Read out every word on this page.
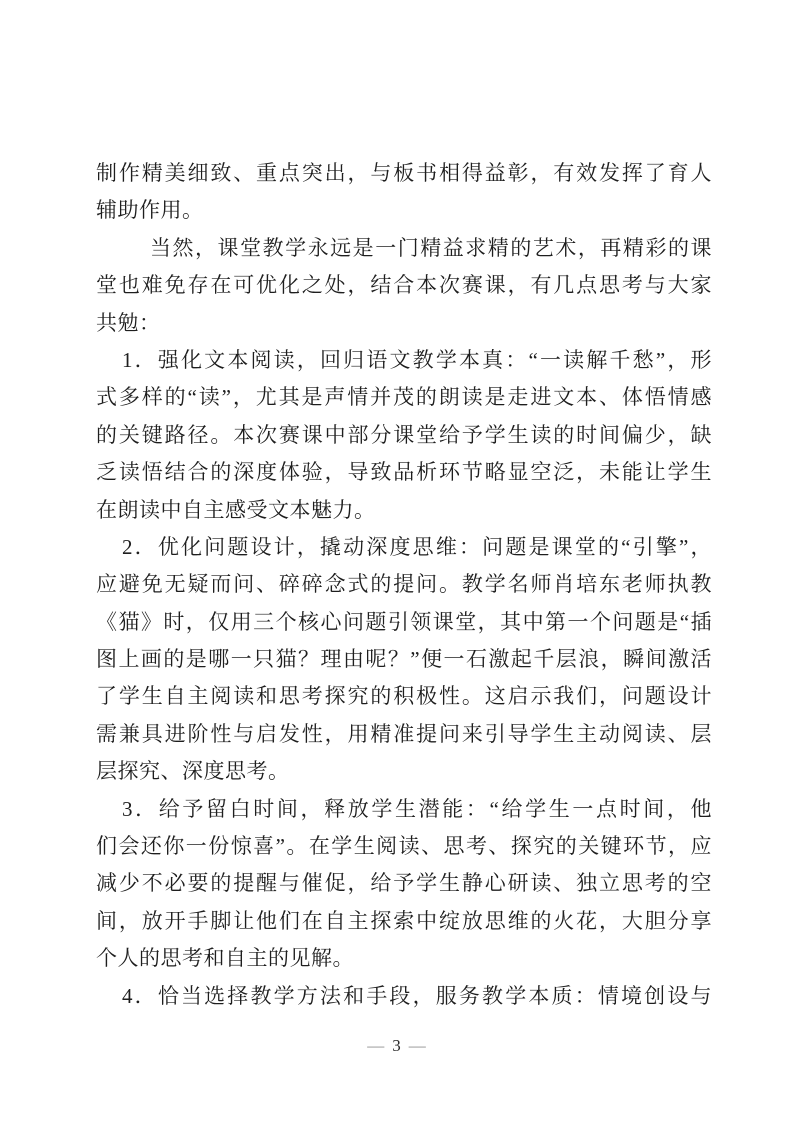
制作精美细致、重点突出，与板书相得益彰，有效发挥了育人
辅助作用。
当然，课堂教学永远是一门精益求精的艺术，再精彩的课
堂也难免存在可优化之处，结合本次赛课，有几点思考与大家
共勉：
1．强化文本阅读，回归语文教学本真：“一读解千愁”，形
式多样的“读”，尤其是声情并茂的朗读是走进文本、体悟情感
的关键路径。本次赛课中部分课堂给予学生读的时间偏少，缺
乏读悟结合的深度体验，导致品析环节略显空泛，未能让学生
在朗读中自主感受文本魅力。
2．优化问题设计，撬动深度思维：问题是课堂的“引擎”，
应避免无疑而问、碎碎念式的提问。教学名师肖培东老师执教
《猫》时，仅用三个核心问题引领课堂，其中第一个问题是“插
图上画的是哪一只猫？理由呢？”便一石激起千层浪，瞬间激活
了学生自主阅读和思考探究的积极性。这启示我们，问题设计
需兼具进阶性与启发性，用精准提问来引导学生主动阅读、层
层探究、深度思考。
3．给予留白时间，释放学生潜能：“给学生一点时间，他
们会还你一份惊喜”。在学生阅读、思考、探究的关键环节，应
减少不必要的提醒与催促，给予学生静心研读、独立思考的空
间，放开手脚让他们在自主探索中绽放思维的火花，大胆分享
个人的思考和自主的见解。
4．恰当选择教学方法和手段，服务教学本质：情境创设与
— 3 —
